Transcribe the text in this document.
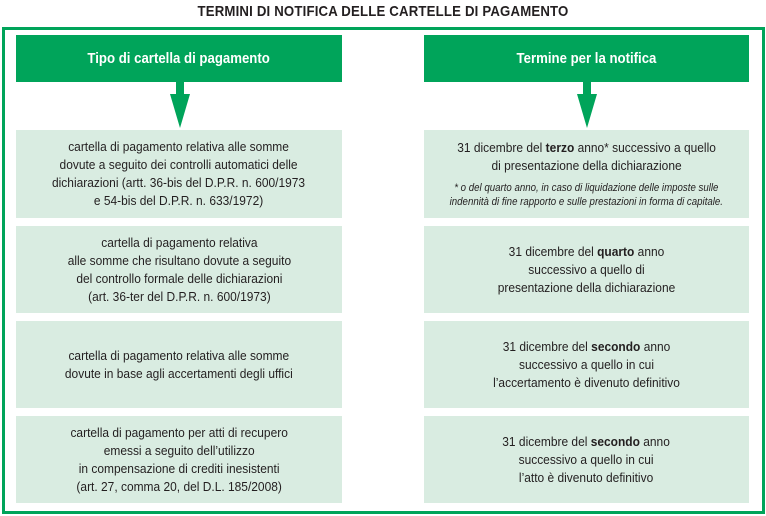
TERMINI DI NOTIFICA DELLE CARTELLE DI PAGAMENTO
Tipo di cartella di pagamento	Termine per la notifica
cartella di pagamento relativa alle somme
dovute a seguito dei controlli automatici delle
dichiarazioni (artt. 36-bis del D.P.R. n. 600/1973
e 54-bis del D.P.R. n. 633/1972)
31 dicembre del terzo anno* successivo a quello
di presentazione della dichiarazione
* o del quarto anno, in caso di liquidazione delle imposte sulle
indennità di fine rapporto e sulle prestazioni in forma di capitale.
cartella di pagamento relativa
alle somme che risultano dovute a seguito
del controllo formale delle dichiarazioni
(art. 36-ter del D.P.R. n. 600/1973)
31 dicembre del quarto anno
successivo a quello di
presentazione della dichiarazione
cartella di pagamento relativa alle somme
dovute in base agli accertamenti degli uffici
31 dicembre del secondo anno
successivo a quello in cui
l’accertamento è divenuto definitivo
cartella di pagamento per atti di recupero
emessi a seguito dell’utilizzo
in compensazione di crediti inesistenti
(art. 27, comma 20, del D.L. 185/2008)
31 dicembre del secondo anno
successivo a quello in cui
l’atto è divenuto definitivo
